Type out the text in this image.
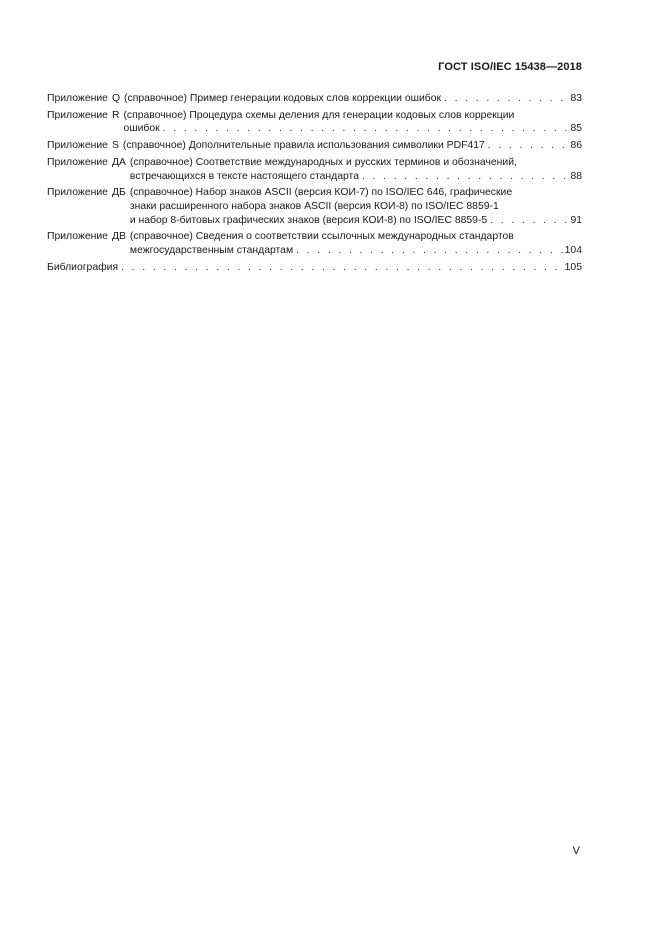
ГОСТ ISO/IEC 15438—2018
Приложение Q (справочное) Пример генерации кодовых слов коррекции ошибок . . .	83
Приложение R (справочное) Процедура схемы деления для генерации кодовых слов коррекции
ошибок . . .	85
Приложение S (справочное) Дополнительные правила использования символики PDF417 . . .	86
Приложение ДА (справочное) Соответствие международных и русских терминов и обозначений,
встречающихся в тексте настоящего стандарта . . .	88
Приложение ДБ (справочное) Набор знаков ASCII (версия КОИ-7) по ISO/IEC 646, графические
знаки расширенного набора знаков ASCII (версия КОИ-8) по ISO/IEC 8859-1
и набор 8-битовых графических знаков (версия КОИ-8) по ISO/IEC 8859-5 . . .	91
Приложение ДВ (справочное) Сведения о соответствии ссылочных международных стандартов
межгосударственным стандартам . . .	104
Библиография . . .	105
V
